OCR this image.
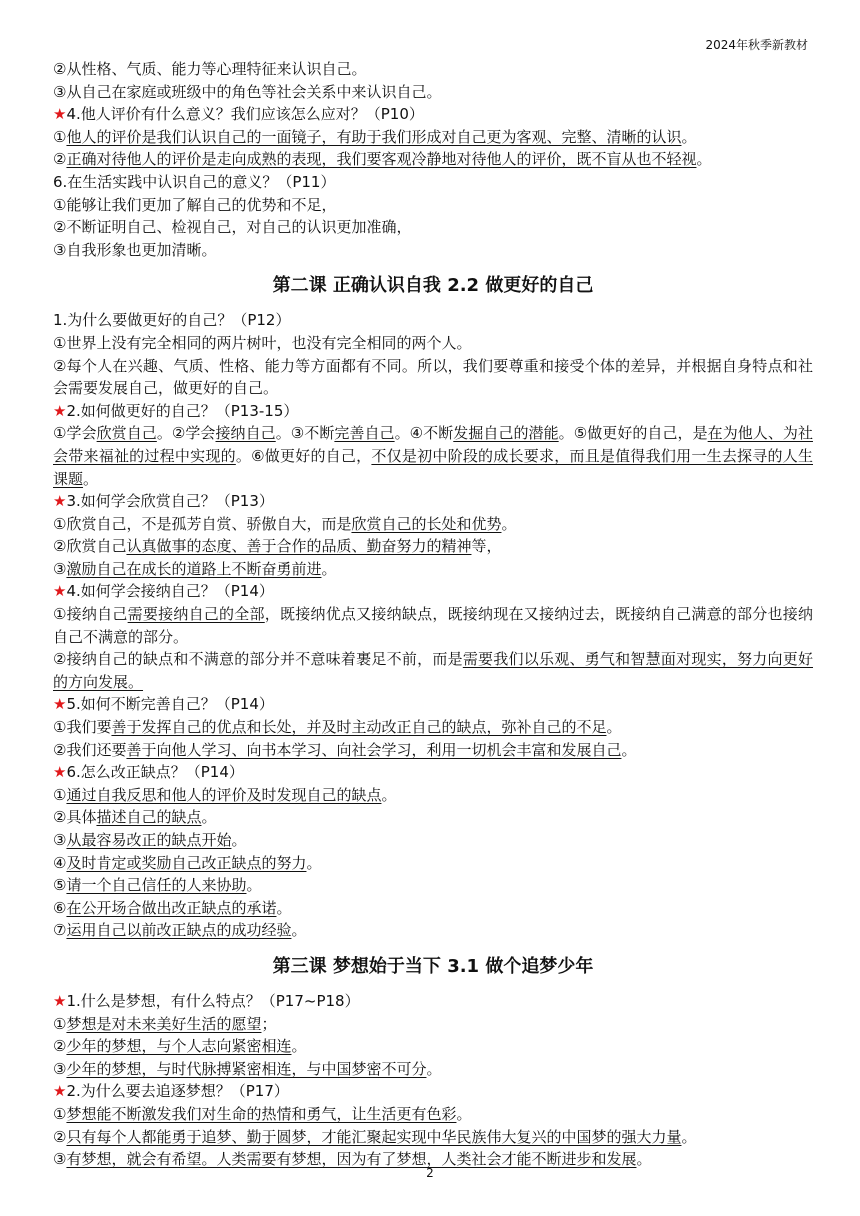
2024年秋季新教材
②从性格、气质、能力等心理特征来认识自己。
③从自己在家庭或班级中的角色等社会关系中来认识自己。
★4.他人评价有什么意义？我们应该怎么应对？（P10）
①他人的评价是我们认识自己的一面镜子，有助于我们形成对自己更为客观、完整、清晰的认识。
②正确对待他人的评价是走向成熟的表现，我们要客观冷静地对待他人的评价，既不盲从也不轻视。
6.在生活实践中认识自己的意义？（P11）
①能够让我们更加了解自己的优势和不足，
②不断证明自己、检视自己，对自己的认识更加准确，
③自我形象也更加清晰。
第二课 正确认识自我 2.2 做更好的自己
1.为什么要做更好的自己？（P12）
①世界上没有完全相同的两片树叶，也没有完全相同的两个人。
②每个人在兴趣、气质、性格、能力等方面都有不同。所以，我们要尊重和接受个体的差异，并根据自身特点和社会需要发展自己，做更好的自己。
★2.如何做更好的自己？（P13-15）
①学会欣赏自己。②学会接纳自己。③不断完善自己。④不断发掘自己的潜能。⑤做更好的自己，是在为他人、为社会带来福祉的过程中实现的。⑥做更好的自己，不仅是初中阶段的成长要求，而且是值得我们用一生去探寻的人生课题。
★3.如何学会欣赏自己？（P13）
①欣赏自己，不是孤芳自赏、骄傲自大，而是欣赏自己的长处和优势。
②欣赏自己认真做事的态度、善于合作的品质、勤奋努力的精神等，
③激励自己在成长的道路上不断奋勇前进。
★4.如何学会接纳自己？（P14）
①接纳自己需要接纳自己的全部，既接纳优点又接纳缺点，既接纳现在又接纳过去，既接纳自己满意的部分也接纳自己不满意的部分。
②接纳自己的缺点和不满意的部分并不意味着裹足不前，而是需要我们以乐观、勇气和智慧面对现实，努力向更好的方向发展。
★5.如何不断完善自己？（P14）
①我们要善于发挥自己的优点和长处，并及时主动改正自己的缺点，弥补自己的不足。
②我们还要善于向他人学习、向书本学习、向社会学习，利用一切机会丰富和发展自己。
★6.怎么改正缺点？（P14）
①通过自我反思和他人的评价及时发现自己的缺点。
②具体描述自己的缺点。
③从最容易改正的缺点开始。
④及时肯定或奖励自己改正缺点的努力。
⑤请一个自己信任的人来协助。
⑥在公开场合做出改正缺点的承诺。
⑦运用自己以前改正缺点的成功经验。
第三课 梦想始于当下 3.1 做个追梦少年
★1.什么是梦想，有什么特点？（P17~P18）
①梦想是对未来美好生活的愿望；
②少年的梦想，与个人志向紧密相连。
③少年的梦想，与时代脉搏紧密相连，与中国梦密不可分。
★2.为什么要去追逐梦想？（P17）
①梦想能不断激发我们对生命的热情和勇气，让生活更有色彩。
②只有每个人都能勇于追梦、勤于圆梦，才能汇聚起实现中华民族伟大复兴的中国梦的强大力量。
③有梦想，就会有希望。人类需要有梦想，因为有了梦想，人类社会才能不断进步和发展。
2
